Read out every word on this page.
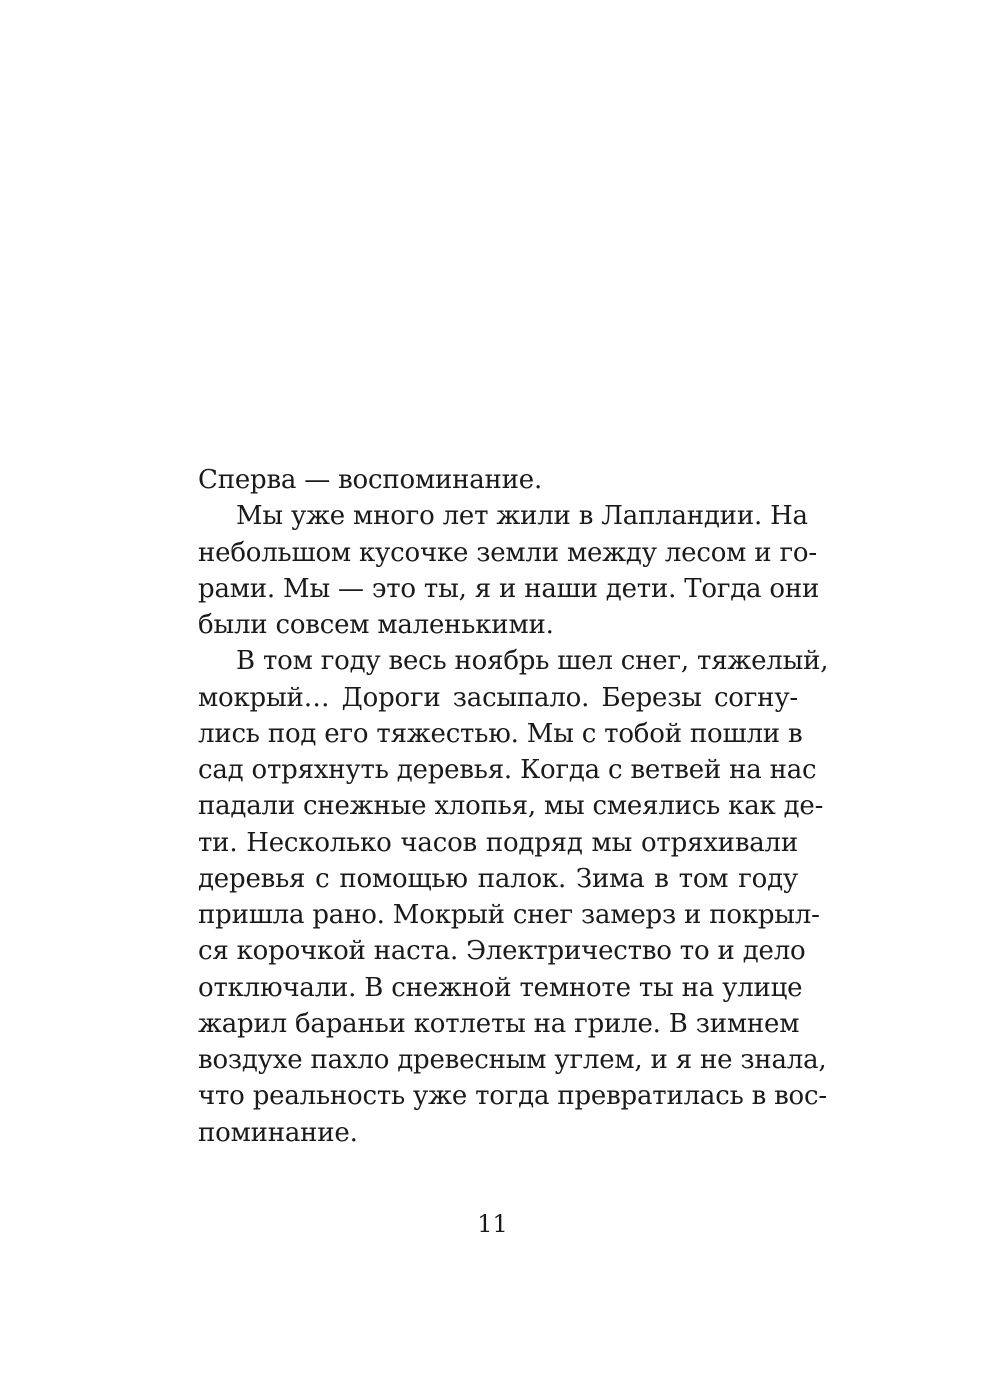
Сперва — воспоминание.
Мы уже много лет жили в Лапландии. На
небольшом кусочке земли между лесом и го-
рами. Мы — это ты, я и наши дети. Тогда они
были совсем маленькими.
В том году весь ноябрь шел снег, тяжелый,
мокрый… Дороги засыпало. Березы согну-
лись под его тяжестью. Мы с тобой пошли в
сад отряхнуть деревья. Когда с ветвей на нас
падали снежные хлопья, мы смеялись как де-
ти. Несколько часов подряд мы отряхивали
деревья с помощью палок. Зима в том году
пришла рано. Мокрый снег замерз и покрыл-
ся корочкой наста. Электричество то и дело
отключали. В снежной темноте ты на улице
жарил бараньи котлеты на гриле. В зимнем
воздухе пахло древесным углем, и я не знала,
что реальность уже тогда превратилась в вос-
поминание.
11
